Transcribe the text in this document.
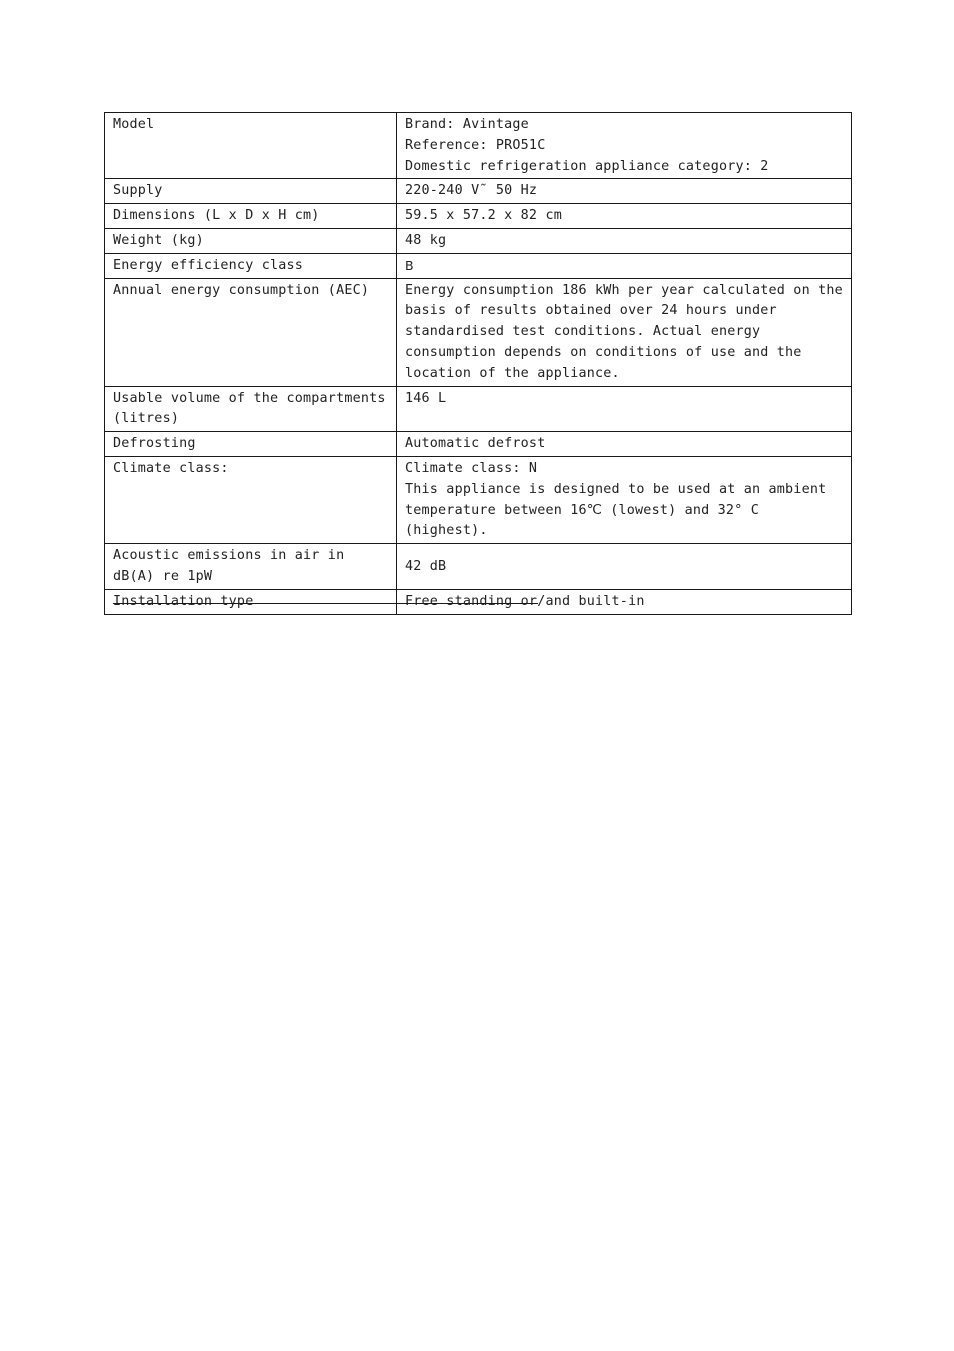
Model	Brand: Avintage
Reference: PRO51C
Domestic refrigeration appliance category: 2
Supply	220-240 V˜ 50 Hz
Dimensions (L x D x H cm)	59.5 x 57.2 x 82 cm
Weight (kg)	48 kg
Energy efficiency class	B
Annual energy consumption (AEC)	Energy consumption 186 kWh per year calculated on the basis of results obtained over 24 hours under standardised test conditions. Actual energy consumption depends on conditions of use and the location of the appliance.
Usable volume of the compartments (litres)	146 L
Defrosting	Automatic defrost
Climate class:	Climate class: N
This appliance is designed to be used at an ambient temperature between 16℃ (lowest) and 32° C (highest).
Acoustic emissions in air in dB(A) re 1pW	42 dB
Installation type	Free standing or/and built-in
